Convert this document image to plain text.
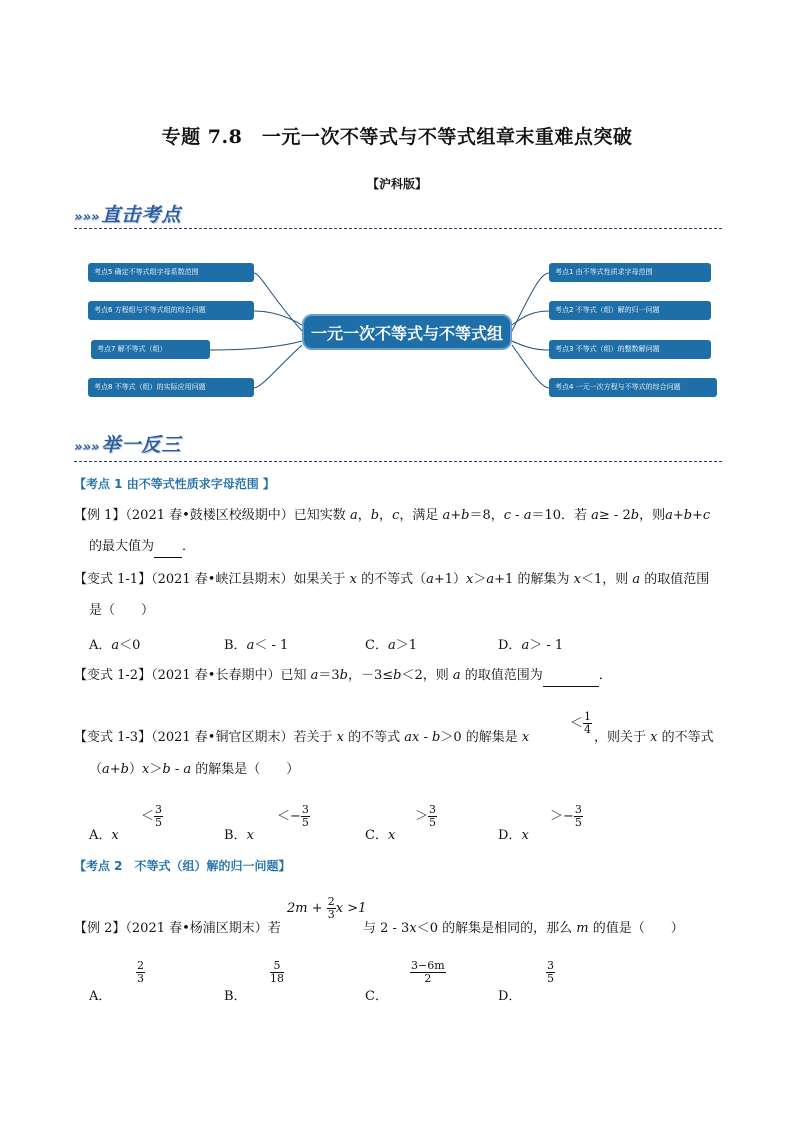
专题 7.8　一元一次不等式与不等式组章末重难点突破
【沪科版】
»»» 直击考点
考点5 确定不等式组字母系数范围
考点6 方程组与不等式组的综合问题
考点7 解不等式（组）
考点8 不等式（组）的实际应用问题
一元一次不等式与不等式组
考点1 由不等式性质求字母范围
考点2 不等式（组）解的归一问题
考点3 不等式（组）的整数解问题
考点4 一元一次方程与不等式的综合问题
»»» 举一反三
【考点 1 由不等式性质求字母范围 】
【例 1】（2021 春•鼓楼区校级期中）已知实数 a，b，c，满足 a+b＝8，c - a＝10．若 a≥ - 2b，则a+b+c
的最大值为 ．
【变式 1-1】（2021 春•峡江县期末）如果关于 x 的不等式（a+1）x＞a+1 的解集为 x＜1，则 a 的取值范围
是（　　）
A．a＜0	B．a＜ - 1	C．a＞1	D．a＞ - 1
【变式 1-2】（2021 春•长春期中）已知 a＝3b，－3≤b＜2，则 a 的取值范围为	．
【变式 1-3】（2021 春•铜官区期末）若关于 x 的不等式 ax - b＞0 的解集是 x
＜ $\frac{1}{4}$
，则关于 x 的不等式
（a+b）x＞b - a 的解集是（　　）
A．x
＜ $\frac{3}{5}$
B．x
＜− $\frac{3}{5}$
C．x
＞ $\frac{3}{5}$
D．x
＞− $\frac{3}{5}$
【考点 2　不等式（组）解的归一问题】
$2m + \frac{2}{3}$ x >1
【例 2】（2021 春•杨浦区期末）若	与 2 - 3x＜0 的解集是相同的，那么 m 的值是（　　）
A．
$\frac{2}{3}$
B．
$\frac{5}{18}$
C．
$\frac{3-6m}{2}$
D．
$\frac{3}{5}$
